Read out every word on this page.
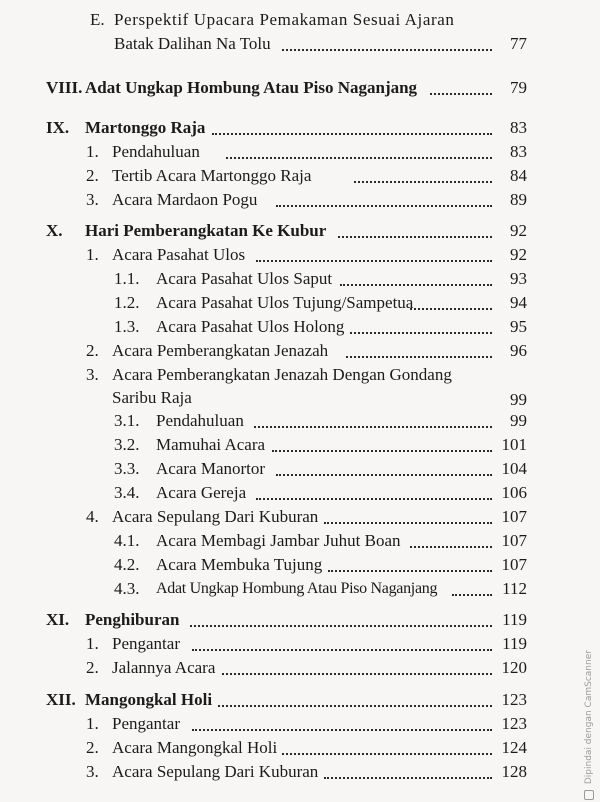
E. Perspektif Upacara Pemakaman Sesuai Ajaran
Batak Dalihan Na Tolu	77
VIII. Adat Ungkap Hombung Atau Piso Naganjang	79
IX. Martonggo Raja	83
1. Pendahuluan	83
2. Tertib Acara Martonggo Raja	84
3. Acara Mardaon Pogu	89
X. Hari Pemberangkatan Ke Kubur	92
1. Acara Pasahat Ulos	92
1.1. Acara Pasahat Ulos Saput	93
1.2. Acara Pasahat Ulos Tujung/Sampetua	94
1.3. Acara Pasahat Ulos Holong	95
2. Acara Pemberangkatan Jenazah	96
3. Acara Pemberangkatan Jenazah Dengan Gondang
Saribu Raja	99
3.1. Pendahuluan	99
3.2. Mamuhai Acara	101
3.3. Acara Manortor	104
3.4. Acara Gereja	106
4. Acara Sepulang Dari Kuburan	107
4.1. Acara Membagi Jambar Juhut Boan	107
4.2. Acara Membuka Tujung	107
4.3. Adat Ungkap Hombung Atau Piso Naganjang	112
XI. Penghiburan	119
1. Pengantar	119
2. Jalannya Acara	120
XII. Mangongkal Holi	123
1. Pengantar	123
2. Acara Mangongkal Holi	124
3. Acara Sepulang Dari Kuburan	128	Dipindai dengan CamScanner
